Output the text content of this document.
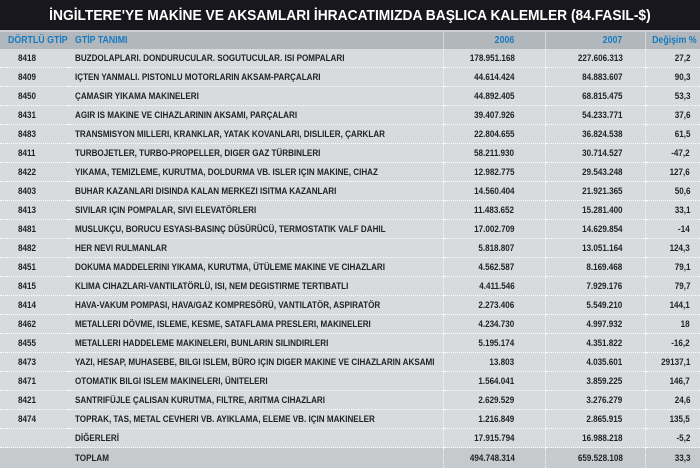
İNGİLTERE'YE MAKİNE VE AKSAMLARI İHRACATIMIZDA BAŞLICA KALEMLER (84.FASIL-$)
DÖRTLÜ GTİP	GTİP TANIMI	2006	2007	Değişim %
8418	BUZDOLAPLARI. DONDURUCULAR. SOGUTUCULAR. ISI POMPALARI	178.951.168	227.606.313	27,2
8409	IÇTEN YANMALI. PISTONLU MOTORLARIN AKSAM-PARÇALARI	44.614.424	84.883.607	90,3
8450	ÇAMASIR YIKAMA MAKINELERI	44.892.405	68.815.475	53,3
8431	AGIR IS MAKINE VE CIHAZLARININ AKSAMI, PARÇALARI	39.407.926	54.233.771	37,6
8483	TRANSMISYON MILLERI, KRANKLAR, YATAK KOVANLARI, DISLILER, ÇARKLAR	22.804.655	36.824.538	61,5
8411	TURBOJETLER, TURBO-PROPELLER, DIGER GAZ TÜRBINLERI	58.211.930	30.714.527	-47,2
8422	YIKAMA, TEMIZLEME, KURUTMA, DOLDURMA VB. ISLER IÇIN MAKINE, CIHAZ	12.982.775	29.543.248	127,6
8403	BUHAR KAZANLARI DISINDA KALAN MERKEZI ISITMA KAZANLARI	14.560.404	21.921.365	50,6
8413	SIVILAR IÇIN POMPALAR, SIVI ELEVATÖRLERI	11.483.652	15.281.400	33,1
8481	MUSLUKÇU, BORUCU ESYASI-BASINÇ DÜSÜRÜCÜ, TERMOSTATIK VALF DAHIL	17.002.709	14.629.854	-14
8482	HER NEVI RULMANLAR	5.818.807	13.051.164	124,3
8451	DOKUMA MADDELERINI YIKAMA, KURUTMA, ÜTÜLEME MAKINE VE CIHAZLARI	4.562.587	8.169.468	79,1
8415	KLIMA CIHAZLARI-VANTILATÖRLÜ, ISI, NEM DEGISTIRME TERTIBATLI	4.411.546	7.929.176	79,7
8414	HAVA-VAKUM POMPASI, HAVA/GAZ KOMPRESÖRÜ, VANTILATÖR, ASPIRATÖR	2.273.406	5.549.210	144,1
8462	METALLERI DÖVME, ISLEME, KESME, SATAFLAMA PRESLERI, MAKINELERI	4.234.730	4.997.932	18
8455	METALLERI HADDELEME MAKINELERI, BUNLARIN SILINDIRLERI	5.195.174	4.351.822	-16,2
8473	YAZI, HESAP, MUHASEBE, BILGI ISLEM, BÜRO IÇIN DIGER MAKINE VE CIHAZLARIN AKSAMI	13.803	4.035.601	29137,1
8471	OTOMATIK BILGI ISLEM MAKINELERI, ÜNITELERI	1.564.041	3.859.225	146,7
8421	SANTRIFÜJLE ÇALISAN KURUTMA, FILTRE, ARITMA CIHAZLARI	2.629.529	3.276.279	24,6
8474	TOPRAK, TAS, METAL CEVHERI VB. AYIKLAMA, ELEME VB. IÇIN MAKINELER	1.216.849	2.865.915	135,5
	DİĞERLERİ	17.915.794	16.988.218	-5,2
	TOPLAM	494.748.314	659.528.108	33,3
